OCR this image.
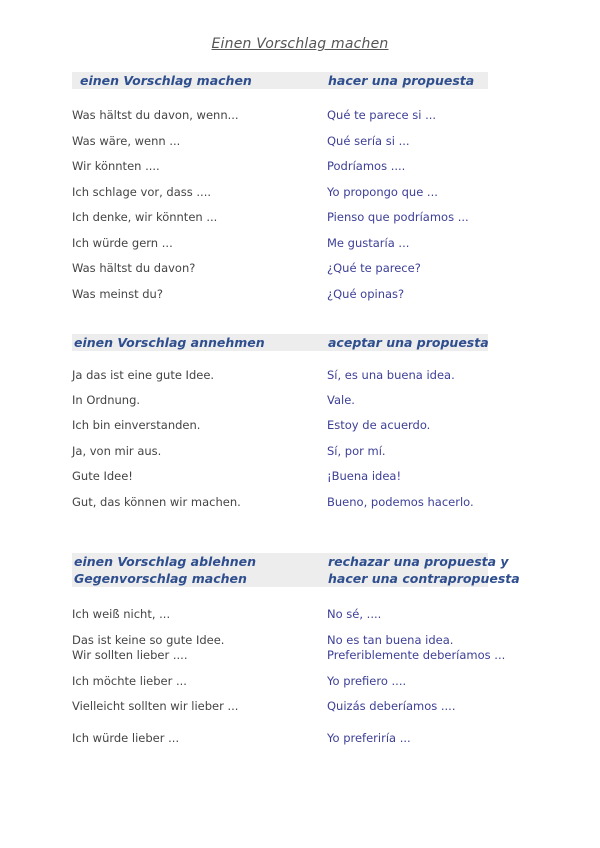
Einen Vorschlag machen
einen Vorschlag machen	hacer una propuesta
Was hältst du davon, wenn...	Qué te parece si ...
Was wäre, wenn ...	Qué sería si ...
Wir könnten ....	Podríamos ....
Ich schlage vor, dass ....	Yo propongo que ...
Ich denke, wir könnten ...	Pienso que podríamos ...
Ich würde gern ...	Me gustaría ...
Was hältst du davon?	¿Qué te parece?
Was meinst du?	¿Qué opinas?
einen Vorschlag annehmen	aceptar una propuesta
Ja das ist eine gute Idee.	Sí, es una buena idea.
In Ordnung.	Vale.
Ich bin einverstanden.	Estoy de acuerdo.
Ja, von mir aus.	Sí, por mí.
Gute Idee!	¡Buena idea!
Gut, das können wir machen.	Bueno, podemos hacerlo.
einen Vorschlag ablehnen	rechazar una propuesta y
Gegenvorschlag machen	hacer una contrapropuesta
Ich weiß nicht, ...	No sé, ....
Das ist keine so gute Idee.	No es tan buena idea.
Wir sollten lieber ....	Preferiblemente deberíamos ...
Ich möchte lieber ...	Yo prefiero ....
Vielleicht sollten wir lieber ...	Quizás deberíamos ....
Ich würde lieber ...	Yo preferiría ...
